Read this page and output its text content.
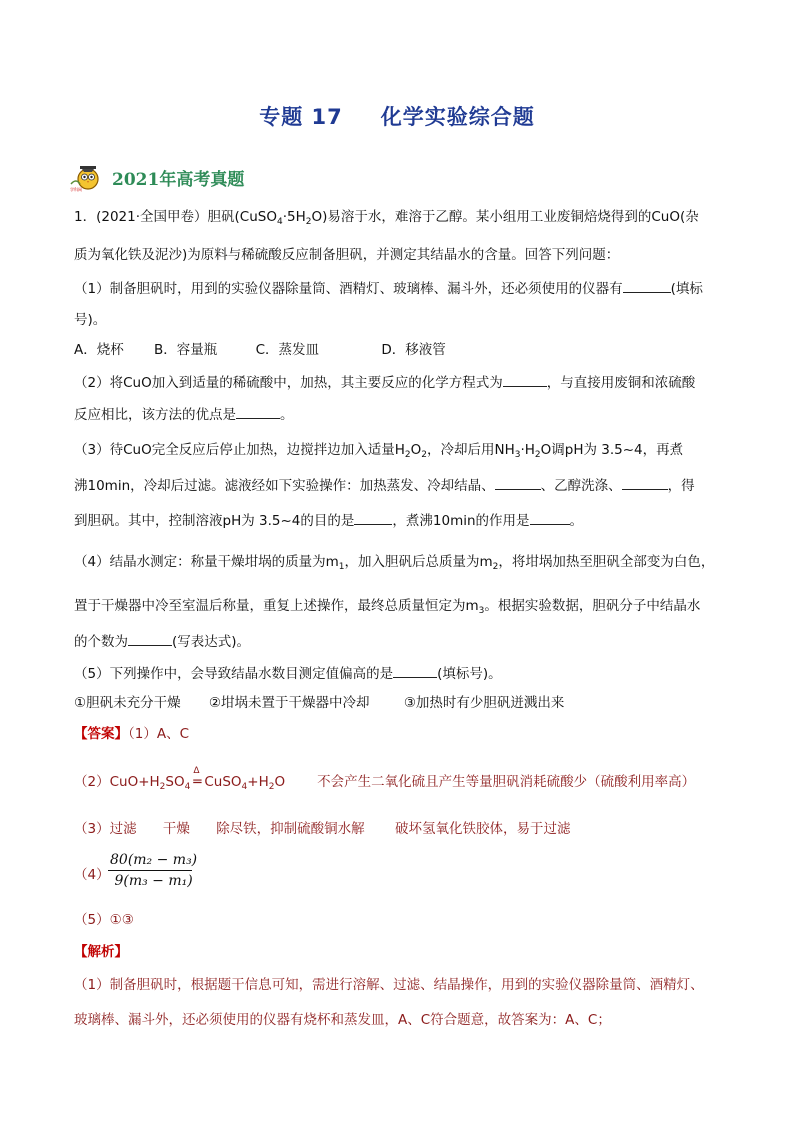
专题 17 化学实验综合题
学科网 2021年高考真题
1．(2021·全国甲卷）胆矾$(CuSO_4\cdot 5H_2O)$易溶于水，难溶于乙醇。某小组用工业废铜焙烧得到的CuO(杂
质为氧化铁及泥沙)为原料与稀硫酸反应制备胆矾，并测定其结晶水的含量。回答下列问题：
（1）制备胆矾时，用到的实验仪器除量筒、酒精灯、玻璃棒、漏斗外，还必须使用的仪器有	(填标
号)。
A．烧杯 B．容量瓶	C．蒸发皿	D．移液管
（2）将CuO加入到适量的稀硫酸中，加热，其主要反应的化学方程式为	，与直接用废铜和浓硫酸
反应相比，该方法的优点是	。
（3）待CuO完全反应后停止加热，边搅拌边加入适量$H_2O_2$，冷却后用$NH_3\cdot H_2O$调pH为 3.5~4，再煮
沸10min，冷却后过滤。滤液经如下实验操作：加热蒸发、冷却结晶、	、乙醇洗涤、	，得
到胆矾。其中，控制溶液pH为 3.5~4的目的是	，煮沸10min的作用是	。
（4）结晶水测定：称量干燥坩埚的质量为$m_1$，加入胆矾后总质量为$m_2$，将坩埚加热至胆矾全部变为白色，
置于干燥器中冷至室温后称量，重复上述操作，最终总质量恒定为$m_3$。根据实验数据，胆矾分子中结晶水
的个数为	(写表达式)。
（5）下列操作中，会导致结晶水数目测定值偏高的是	(填标号)。
①胆矾未充分干燥 ②坩埚未置于干燥器中冷却	③加热时有少胆矾迸溅出来
【答案】（1）A、C
$(2)CuO+H_2SO_4$
Δ
═ $CuSO_4+H_2O$ 不会产生二氧化硫且产生等量胆矾消耗硫酸少（硫酸利用率高）
（3）过滤 干燥 除尽铁，抑制硫酸铜水解 破坏氢氧化铁胶体，易于过滤
（4）
80(m₂ − m₃)
9(m₃ − m₁)
（5）①③
【解析】
（1）制备胆矾时，根据题干信息可知，需进行溶解、过滤、结晶操作，用到的实验仪器除量筒、酒精灯、
玻璃棒、漏斗外，还必须使用的仪器有烧杯和蒸发皿，A、C符合题意，故答案为：A、C；
